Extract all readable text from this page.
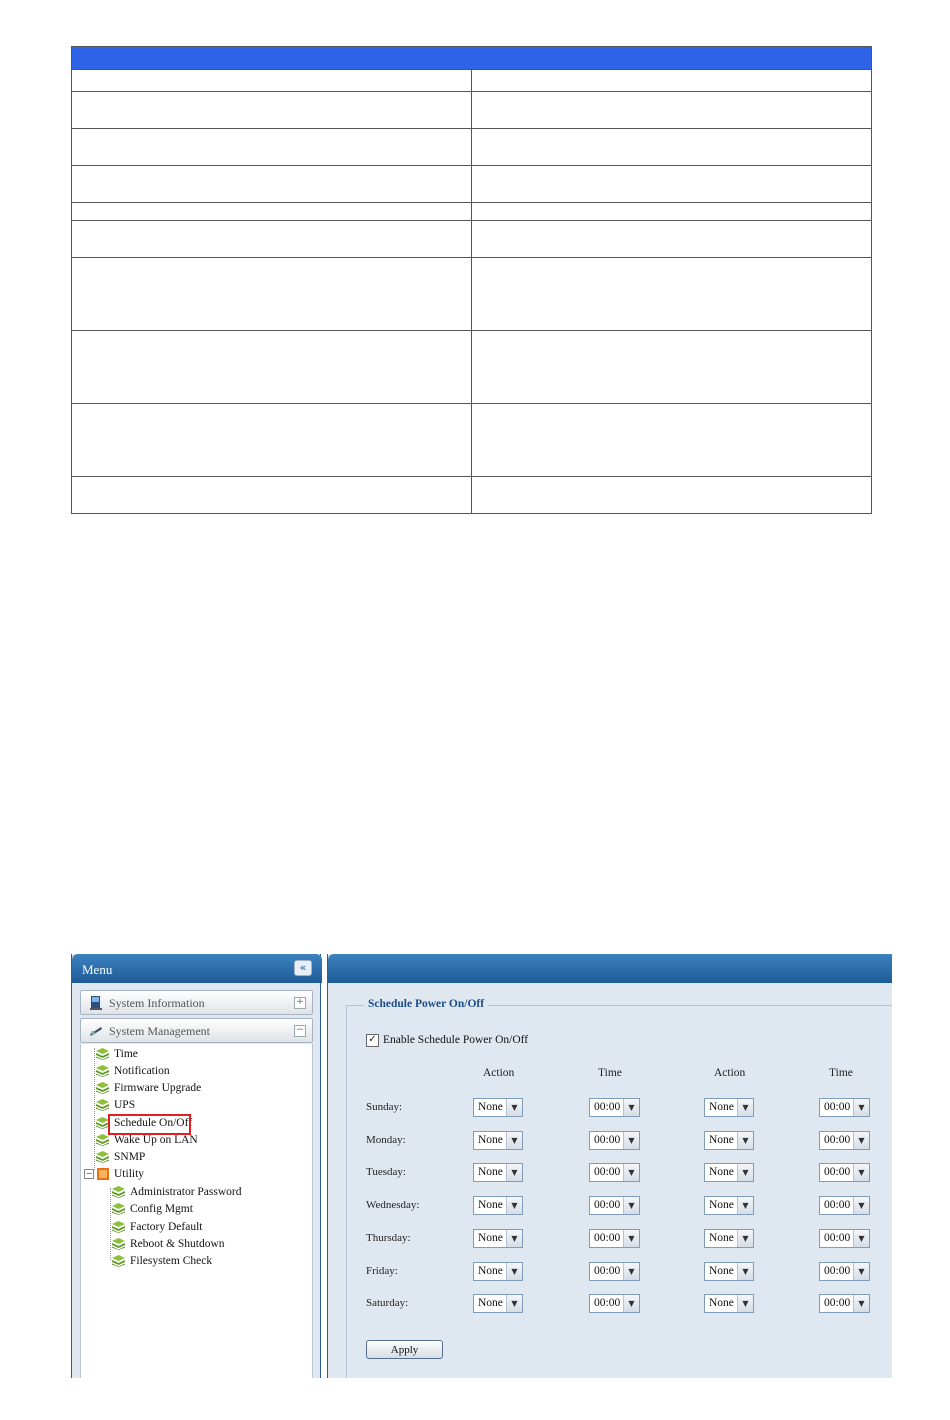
Menu	«
System Information	+
System Management	−
Time
Notification
Firmware Upgrade
UPS
Schedule On/Off
Wake Up on LAN
SNMP
− Utility
Administrator Password
Config Mgmt
Factory Default
Reboot & Shutdown
Filesystem Check
Schedule Power On/Off
✓ Enable Schedule Power On/Off
Action	Time	Action	Time
Sunday:	None	▼	00:00	▼	None	▼	00:00	▼
Monday:	None	▼	00:00	▼	None	▼	00:00	▼
Tuesday:	None	▼	00:00	▼	None	▼	00:00	▼
Wednesday:	None	▼	00:00	▼	None	▼	00:00	▼
Thursday:	None	▼	00:00	▼	None	▼	00:00	▼
Friday:	None	▼	00:00	▼	None	▼	00:00	▼
Saturday:	None	▼	00:00	▼	None	▼	00:00	▼
Apply
